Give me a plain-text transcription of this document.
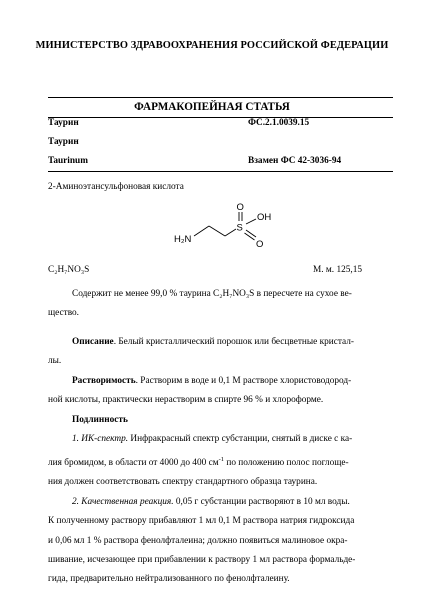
МИНИСТЕРСТВО ЗДРАВООХРАНЕНИЯ РОССИЙСКОЙ ФЕДЕРАЦИИ
ФАРМАКОПЕЙНАЯ СТАТЬЯ
Таурин	ФС.2.1.0039.15
Таурин
Taurinum	Взамен ФС 42-3036-94
2-Аминоэтансульфоновая кислота
H₂N
S
O
OH
O
C₂H₇NO₃S	М. м. 125,15

Содержит не менее 99,0 % таурина C₂H₇NO₃S в пересчете на сухое ве-

щество.

Описание. Белый кристаллический порошок или бесцветные кристал-

лы.

Растворимость. Растворим в воде и 0,1 М растворе хлористоводород-

ной кислоты, практически нерастворим в спирте 96 % и хлороформе.

Подлинность

1. ИК-спектр. Инфракрасный спектр субстанции, снятый в диске с ка-

лия бромидом, в области от 4000 до 400 $см^{-1}$ по положению полос поглоще-

ния должен соответствовать спектру стандартного образца таурина.

2. Качественная реакция. 0,05 г субстанции растворяют в 10 мл воды.

К полученному раствору прибавляют 1 мл 0,1 М раствора натрия гидроксида

и 0,06 мл 1 % раствора фенолфталеина; должно появиться малиновое окра-

шивание, исчезающее при прибавлении к раствору 1 мл раствора формальде-

гида, предварительно нейтрализованного по фенолфталеину.
